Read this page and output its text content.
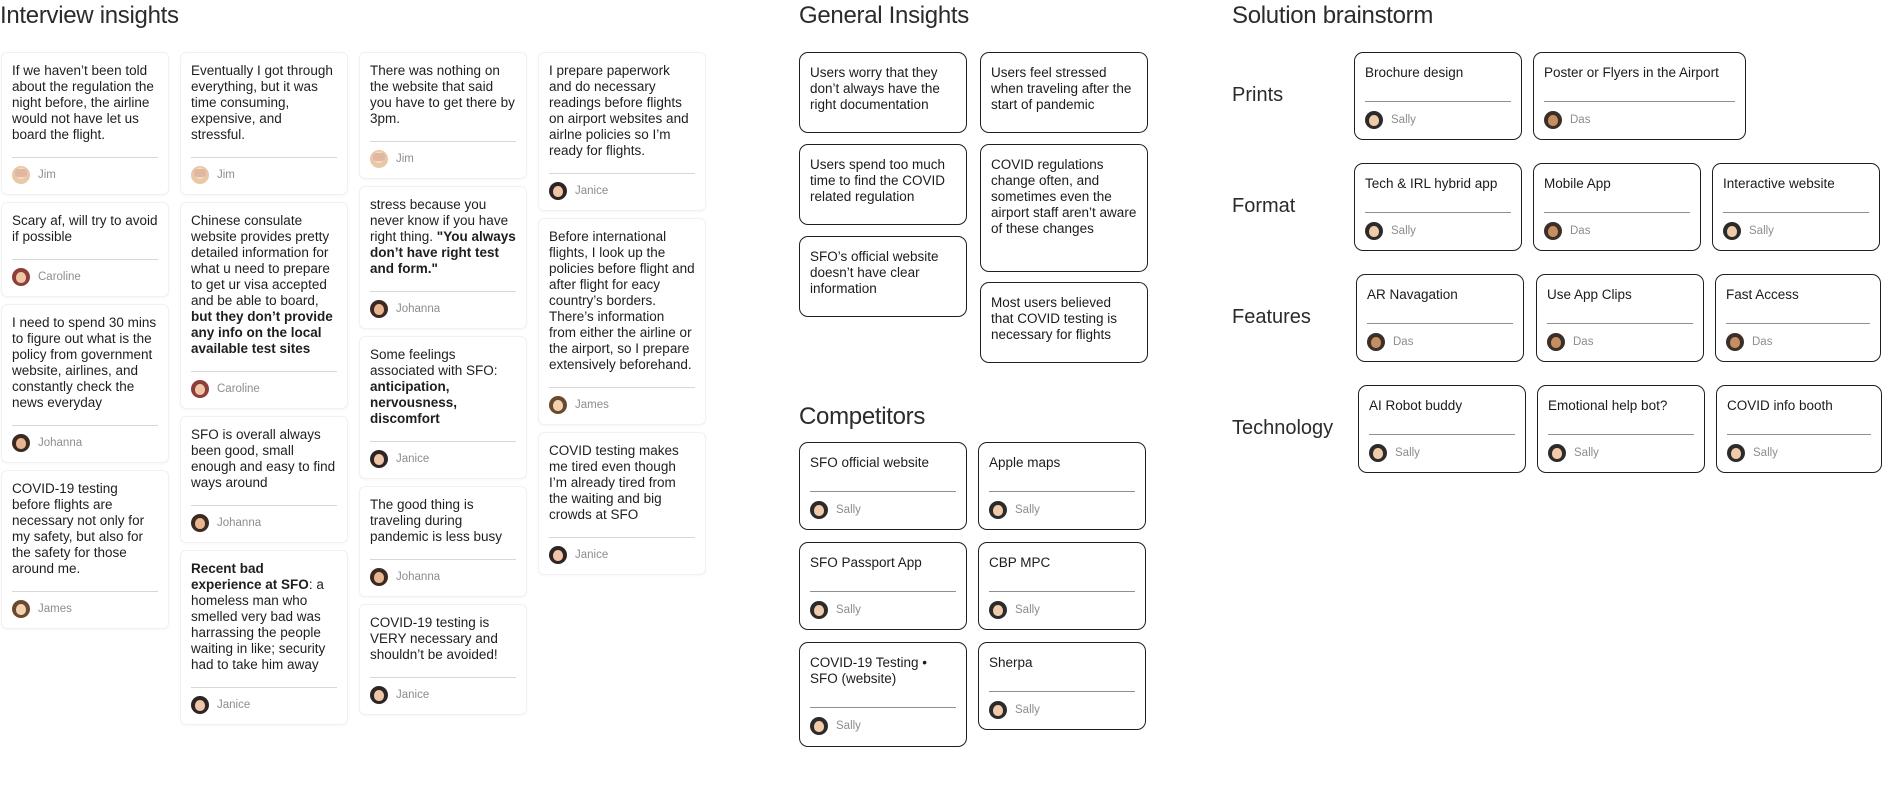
Interview insights	General Insights
Competitors
Solution brainstorm
If we haven’t been told about the regulation the night before, the airline would not have let us board the flight.
Jim
Scary af, will try to avoid if possible
Caroline
I need to spend 30 mins to figure out what is the policy from government website, airlines, and constantly check the news everyday
Johanna
COVID-19 testing before flights are necessary not only for my safety, but also for the safety for those around me.
James
Eventually I got through everything, but it was time consuming, expensive, and stressful.
Jim
Chinese consulate website provides pretty detailed information for what u need to prepare to get ur visa accepted and be able to board, but they don’t provide any info on the local available test sites
Caroline
SFO is overall always been good, small enough and easy to find ways around
Johanna
Recent bad experience at SFO: a homeless man who smelled very bad was harrassing the people waiting in like; security had to take him away
Janice
There was nothing on the website that said you have to get there by 3pm.
Jim
stress because you never know if you have right thing. "You always don’t have right test and form."
Johanna
Some feelings associated with SFO: anticipation, nervousness, discomfort
Janice
The good thing is traveling during pandemic is less busy
Johanna
COVID-19 testing is VERY necessary and shouldn’t be avoided!
Janice
I prepare paperwork and do necessary readings before flights on airport websites and airlne policies so I’m ready for flights.
Janice
Before international flights, I look up the policies before flight and after flight for eacy country’s borders. There’s information from either the airline or the airport, so I prepare extensively beforehand.
James
COVID testing makes me tired even though I’m already tired from the waiting and big crowds at SFO
Janice
Users worry that they don’t always have the right documentation
Users spend too much time to find the COVID related regulation
SFO’s official website doesn’t have clear information
Users feel stressed when traveling after the start of pandemic
COVID regulations change often, and sometimes even the airport staff aren’t aware of these changes
Most users believed that COVID testing is necessary for flights
SFO official website
Sally
SFO Passport App
Sally
COVID-19 Testing • SFO (website)
Sally
Apple maps
Sally
CBP MPC
Sally
Sherpa
Sally
Prints
Format
Features
Technology
Brochure design
Sally
Poster or Flyers in the Airport
Das
Tech & IRL hybrid app
Sally
Mobile App
Das
Interactive website
Sally
AR Navagation
Das
Use App Clips
Das
Fast Access
Das
AI Robot buddy
Sally
Emotional help bot?
Sally
COVID info booth
Sally
